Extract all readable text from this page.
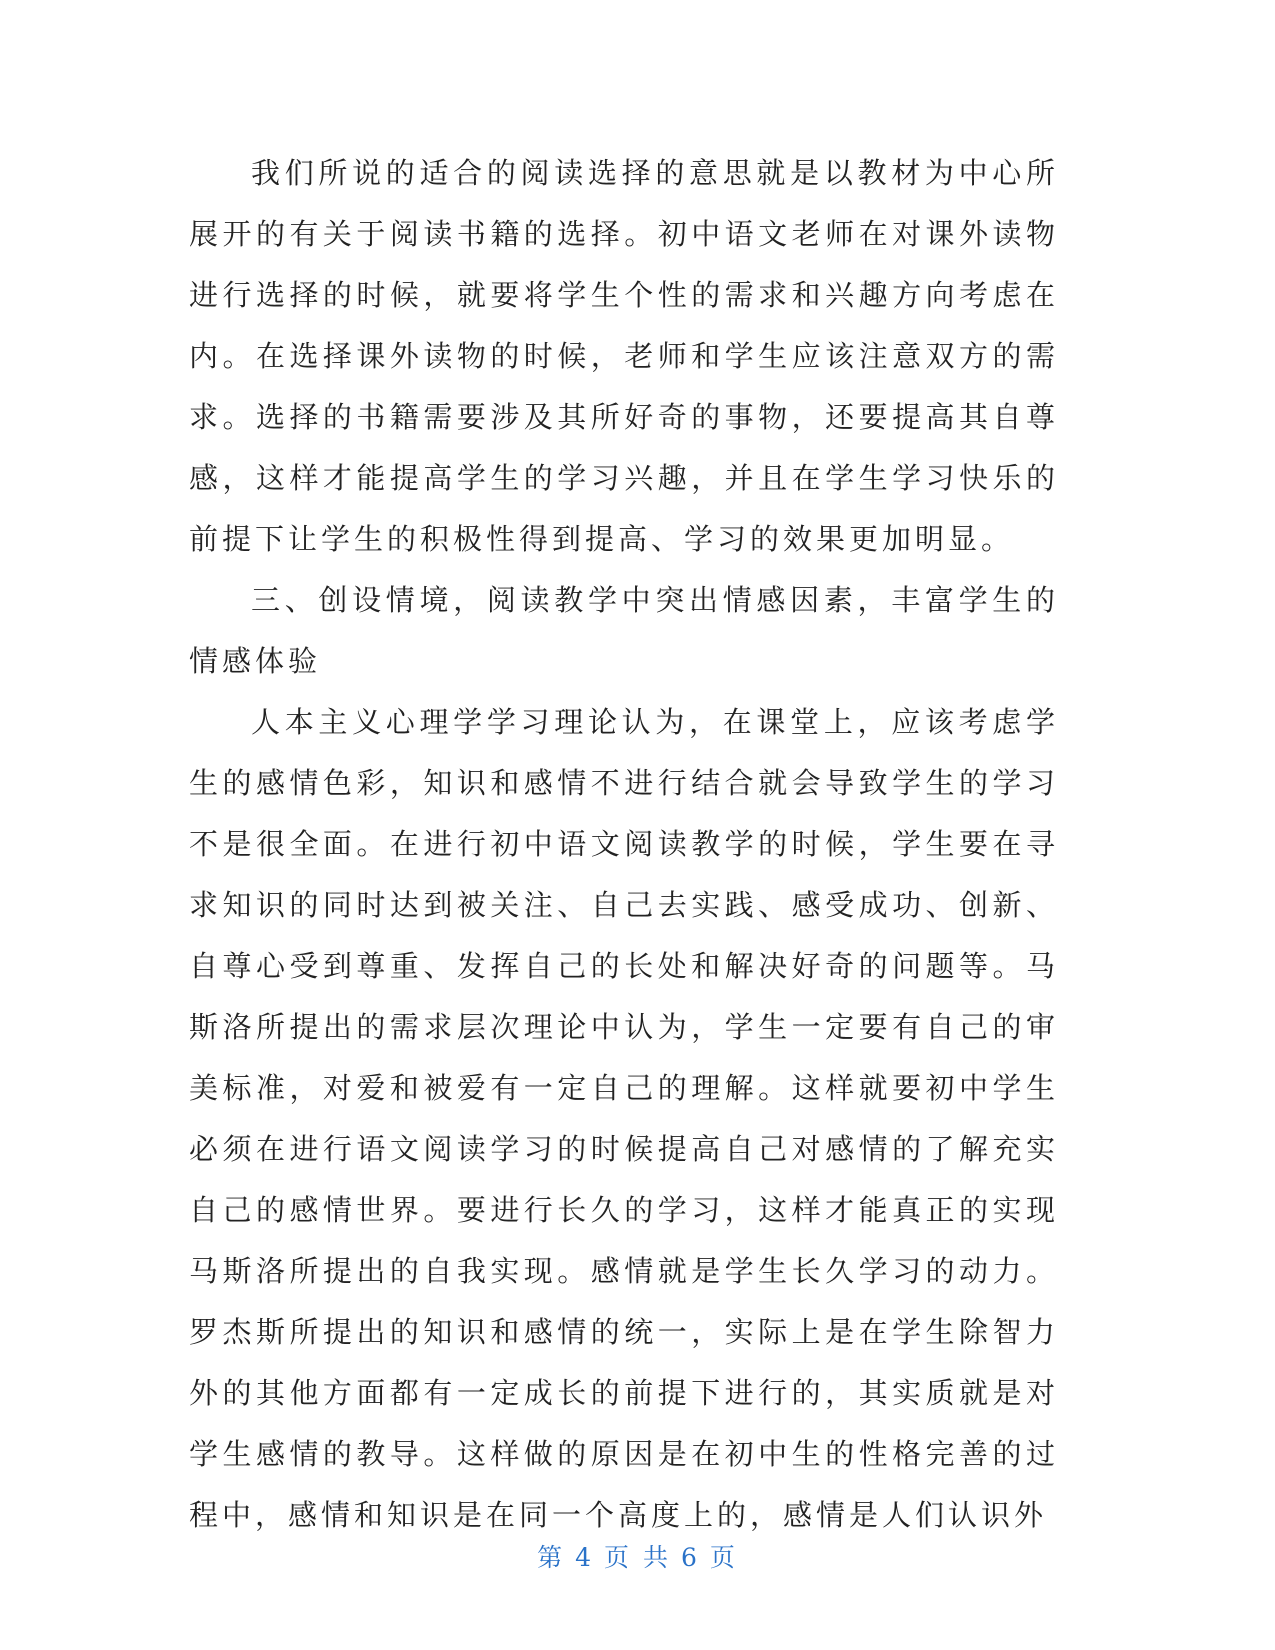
我们所说的适合的阅读选择的意思就是以教材为中心所展开的有关于阅读书籍的选择。初中语文老师在对课外读物进行选择的时候，就要将学生个性的需求和兴趣方向考虑在内。在选择课外读物的时候，老师和学生应该注意双方的需求。选择的书籍需要涉及其所好奇的事物，还要提高其自尊感，这样才能提高学生的学习兴趣，并且在学生学习快乐的前提下让学生的积极性得到提高、学习的效果更加明显。

三、创设情境，阅读教学中突出情感因素，丰富学生的情感体验

人本主义心理学学习理论认为，在课堂上，应该考虑学生的感情色彩，知识和感情不进行结合就会导致学生的学习不是很全面。在进行初中语文阅读教学的时候，学生要在寻求知识的同时达到被关注、自己去实践、感受成功、创新、自尊心受到尊重、发挥自己的长处和解决好奇的问题等。马斯洛所提出的需求层次理论中认为，学生一定要有自己的审美标准，对爱和被爱有一定自己的理解。这样就要初中学生必须在进行语文阅读学习的时候提高自己对感情的了解充实自己的感情世界。要进行长久的学习，这样才能真正的实现马斯洛所提出的自我实现。感情就是学生长久学习的动力。罗杰斯所提出的知识和感情的统一，实际上是在学生除智力外的其他方面都有一定成长的前提下进行的，其实质就是对学生感情的教导。这样做的原因是在初中生的性格完善的过程中，感情和知识是在同一个高度上的，感情是人们认识外

第 4 页 共 6 页
